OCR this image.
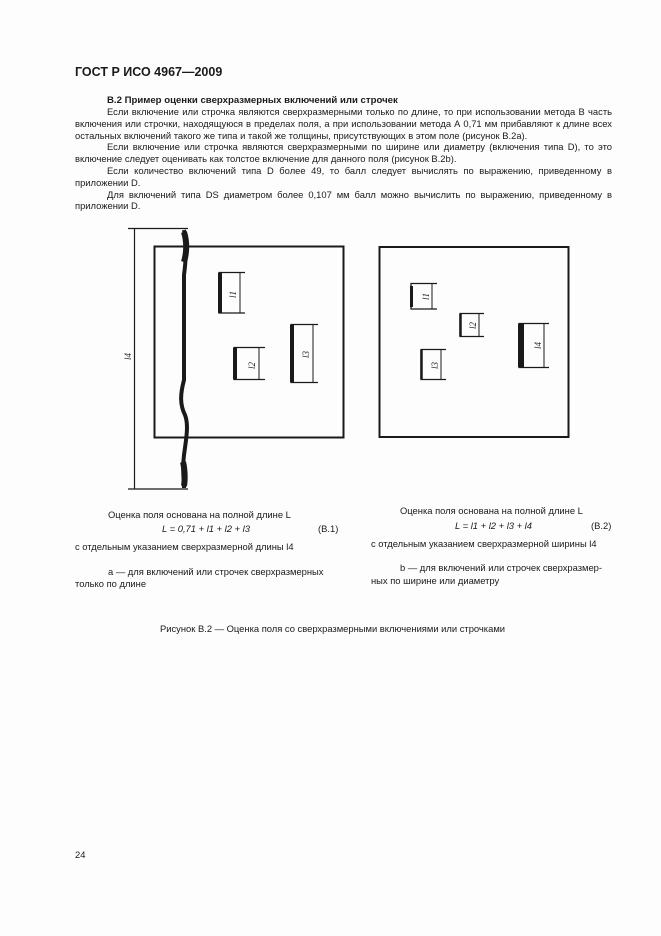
ГОСТ Р ИСО 4967—2009
B.2 Пример оценки сверхразмерных включений или строчек

Если включение или строчка являются сверхразмерными только по длине, то при использовании метода B часть включения или строчки, находящуюся в пределах поля, а при использовании метода А 0,71 мм прибавляют к длине всех остальных включений такого же типа и такой же толщины, присутствующих в этом поле (рисунок B.2a).

Если включение или строчка являются сверхразмерными по ширине или диаметру (включения типа D), то это включение следует оценивать как толстое включение для данного поля (рисунок B.2b).

Если количество включений типа D более 49, то балл следует вычислять по выражению, приведенному в приложении D.

Для включений типа DS диаметром более 0,107 мм балл можно вычислить по выражению, приведенному в приложении D.

l4
l1
l2
l3
l1
l2
l3
l4
Оценка поля основана на полной длине L
L = 0,71 + l1 + l2 + l3	(B.1)
с отдельным указанием сверхразмерной длины l4
a — для включений или строчек сверхразмерных
только по длине
Оценка поля основана на полной длине L
L = l1 + l2 + l3 + l4	(B.2)
с отдельным указанием сверхразмерной ширины l4
b — для включений или строчек сверхразмер-
ных по ширине или диаметру
Рисунок B.2 — Оценка поля со сверхразмерными включениями или строчками
24
